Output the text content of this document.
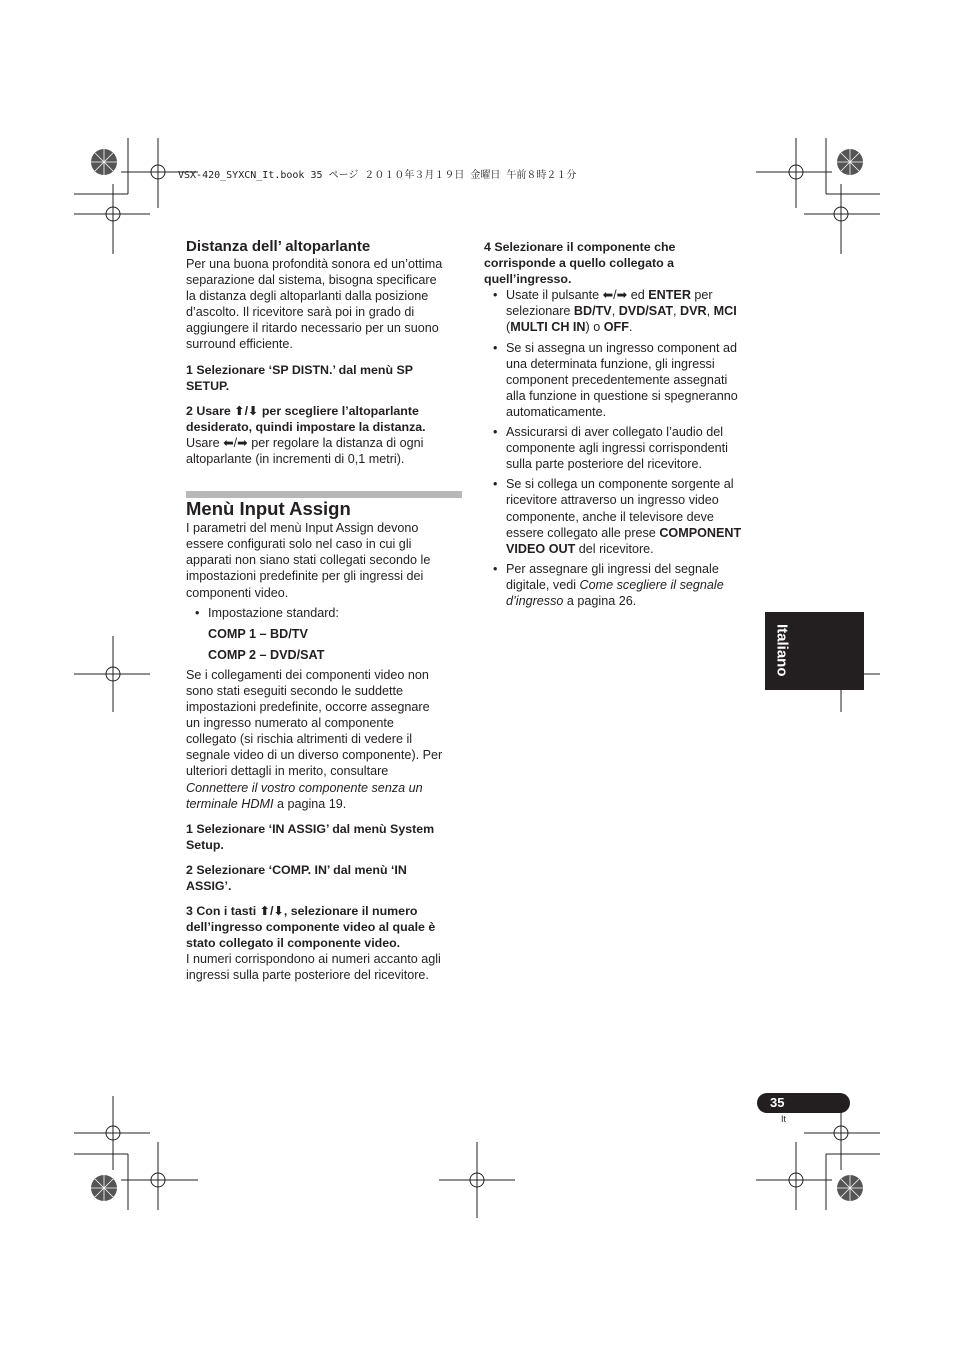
VSX-420_SYXCN_It.book 35 ページ ２０１０年３月１９日 金曜日 午前８時２１分

Distanza dell’ altoparlante

Per una buona profondità sonora ed un’ottima

separazione dal sistema, bisogna specificare

la distanza degli altoparlanti dalla posizione

d’ascolto. Il ricevitore sarà poi in grado di

aggiungere il ritardo necessario per un suono

surround efficiente.

1 Selezionare ‘SP DISTN.’ dal menù SP

SETUP.

2 Usare ⬆/⬇ per scegliere l’altoparlante

desiderato, quindi impostare la distanza.

Usare ⬅/➡ per regolare la distanza di ogni

altoparlante (in incrementi di 0,1 metri).

Menù Input Assign

I parametri del menù Input Assign devono

essere configurati solo nel caso in cui gli

apparati non siano stati collegati secondo le

impostazioni predefinite per gli ingressi dei

componenti video.

• Impostazione standard:

COMP 1 – BD/TV

COMP 2 – DVD/SAT

Se i collegamenti dei componenti video non

sono stati eseguiti secondo le suddette

impostazioni predefinite, occorre assegnare

un ingresso numerato al componente

collegato (si rischia altrimenti di vedere il

segnale video di un diverso componente). Per

ulteriori dettagli in merito, consultare

Connettere il vostro componente senza un

terminale HDMI a pagina 19.

1 Selezionare ‘IN ASSIG’ dal menù System

Setup.

2 Selezionare ‘COMP. IN’ dal menù ‘IN

ASSIG’.

3 Con i tasti ⬆/⬇, selezionare il numero

dell’ingresso componente video al quale è

stato collegato il componente video.

I numeri corrispondono ai numeri accanto agli

ingressi sulla parte posteriore del ricevitore.

4 Selezionare il componente che

corrisponde a quello collegato a

quell’ingresso.

• Usate il pulsante ⬅/➡ ed ENTER per
selezionare BD/TV, DVD/SAT, DVR, MCI
(MULTI CH IN) o OFF.
• Se si assegna un ingresso component ad
una determinata funzione, gli ingressi
component precedentemente assegnati
alla funzione in questione si spegneranno
automaticamente.
• Assicurarsi di aver collegato l’audio del
componente agli ingressi corrispondenti
sulla parte posteriore del ricevitore.
• Se si collega un componente sorgente al
ricevitore attraverso un ingresso video
componente, anche il televisore deve
essere collegato alle prese COMPONENT
VIDEO OUT del ricevitore.
• Per assegnare gli ingressi del segnale
digitale, vedi Come scegliere il segnale
d’ingresso a pagina 26.
Italiano
35
It
